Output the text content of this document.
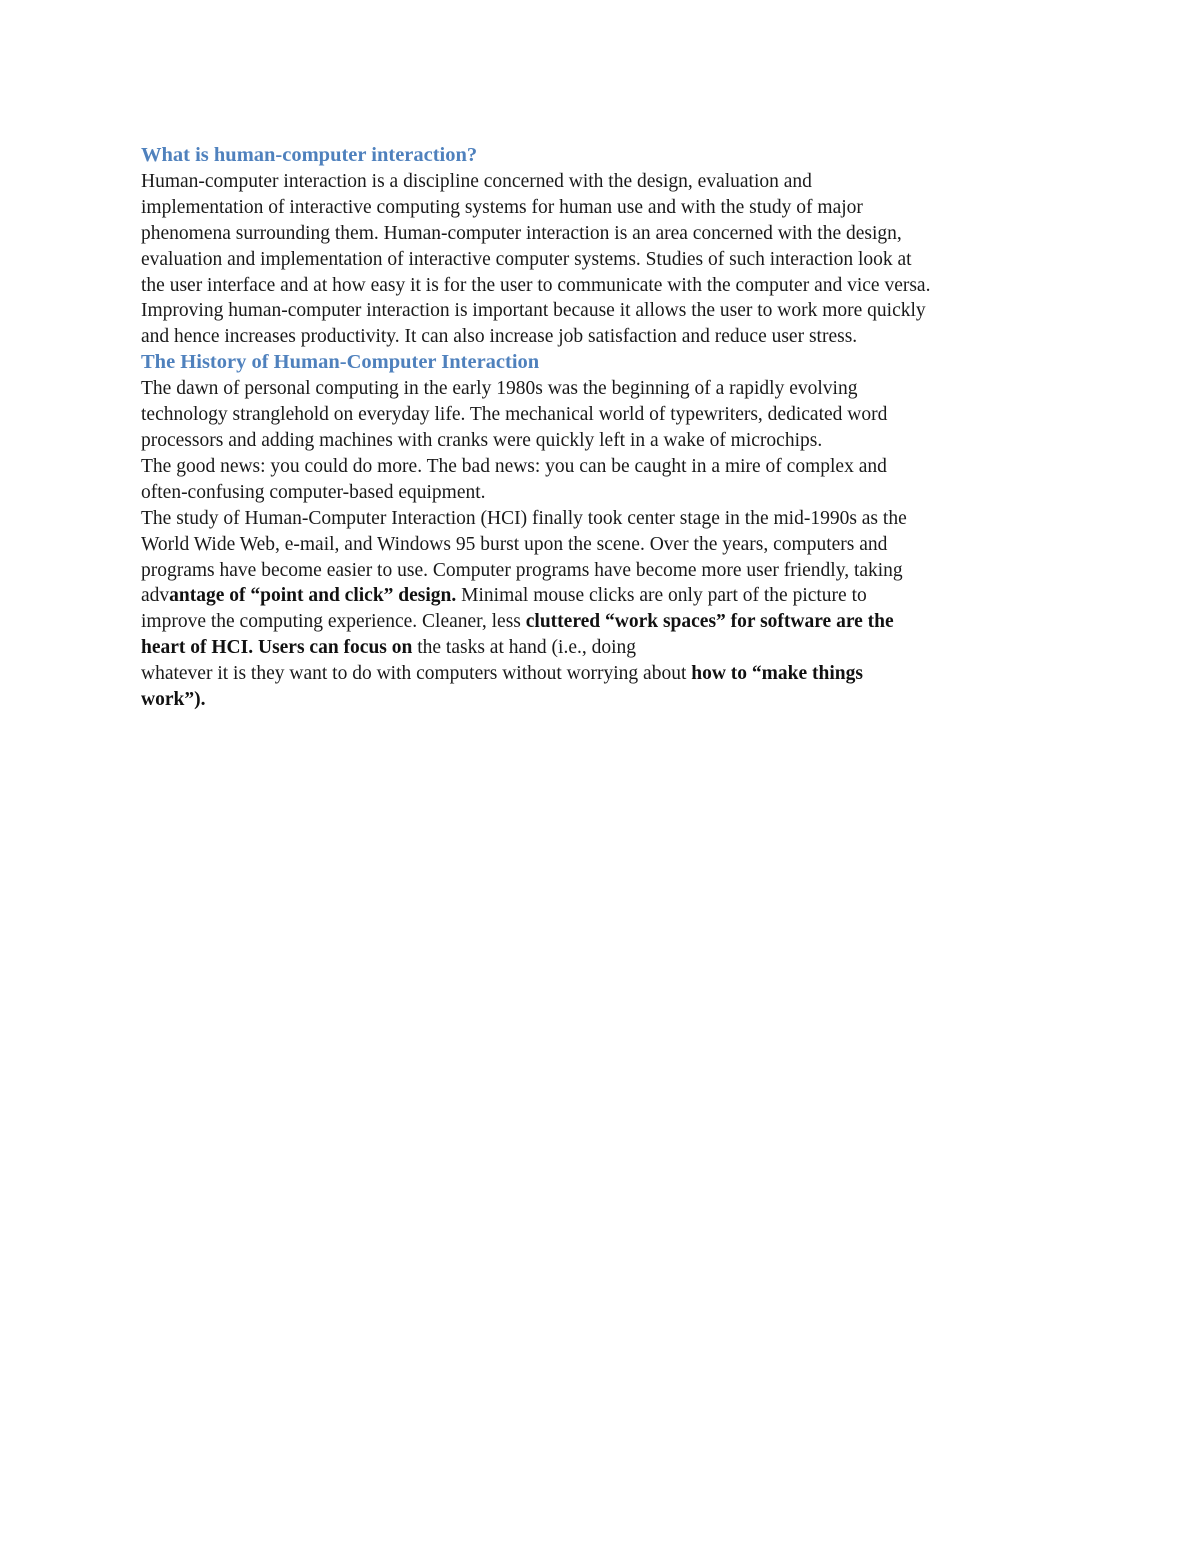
What is human-computer interaction?

Human-computer interaction is a discipline concerned with the design, evaluation and
implementation of interactive computing systems for human use and with the study of major
phenomena surrounding them. Human-computer interaction is an area concerned with the design,
evaluation and implementation of interactive computer systems. Studies of such interaction look at
the user interface and at how easy it is for the user to communicate with the computer and vice versa.
Improving human-computer interaction is important because it allows the user to work more quickly
and hence increases productivity. It can also increase job satisfaction and reduce user stress.

The History of Human-Computer Interaction

The dawn of personal computing in the early 1980s was the beginning of a rapidly evolving
technology stranglehold on everyday life. The mechanical world of typewriters, dedicated word
processors and adding machines with cranks were quickly left in a wake of microchips.

The good news: you could do more. The bad news: you can be caught in a mire of complex and
often-confusing computer-based equipment.

The study of Human-Computer Interaction (HCI) finally took center stage in the mid-1990s as the
World Wide Web, e-mail, and Windows 95 burst upon the scene. Over the years, computers and
programs have become easier to use. Computer programs have become more user friendly, taking
advantage of “point and click” design. Minimal mouse clicks are only part of the picture to
improve the computing experience. Cleaner, less cluttered “work spaces” for software are the
heart of HCI. Users can focus on the tasks at hand (i.e., doing
whatever it is they want to do with computers without worrying about how to “make things
work”).
